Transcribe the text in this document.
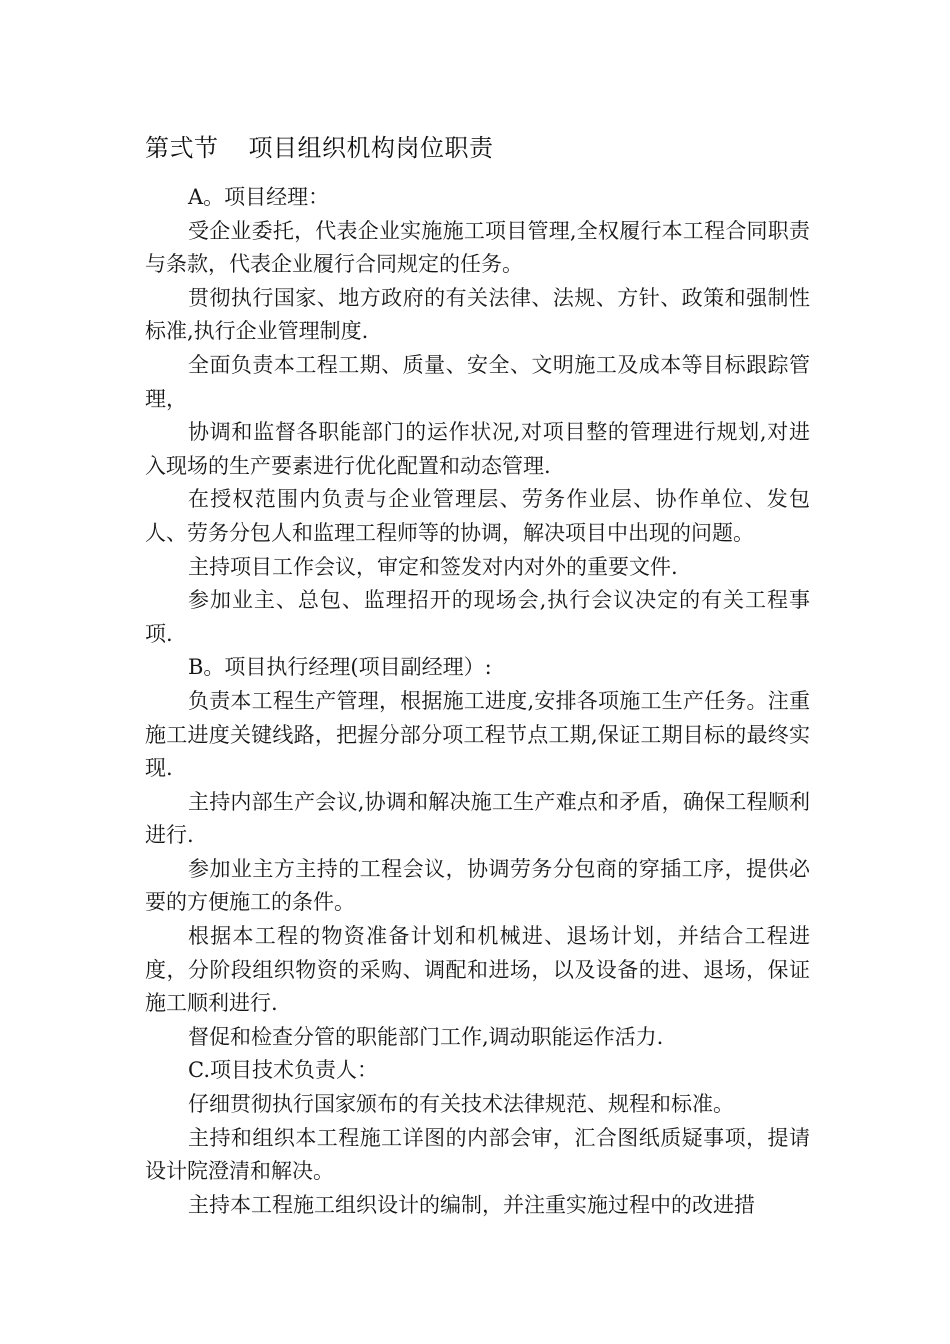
第弍节 项目组织机构岗位职责

A。项目经理：

受企业委托，代表企业实施施工项目管理,全权履行本工程合同职责与条款，代表企业履行合同规定的任务。

贯彻执行国家、地方政府的有关法律、法规、方针、政策和强制性标准,执行企业管理制度.

全面负责本工程工期、质量、安全、文明施工及成本等目标跟踪管理，

协调和监督各职能部门的运作状况,对项目整的管理进行规划,对进入现场的生产要素进行优化配置和动态管理.

在授权范围内负责与企业管理层、劳务作业层、协作单位、发包人、劳务分包人和监理工程师等的协调，解决项目中出现的问题。

主持项目工作会议，审定和签发对内对外的重要文件.

参加业主、总包、监理招开的现场会,执行会议决定的有关工程事项.

B。项目执行经理(项目副经理）:

负责本工程生产管理，根据施工进度,安排各项施工生产任务。注重施工进度关键线路，把握分部分项工程节点工期,保证工期目标的最终实现.

主持内部生产会议,协调和解决施工生产难点和矛盾，确保工程顺利进行.

参加业主方主持的工程会议，协调劳务分包商的穿插工序，提供必要的方便施工的条件。

根据本工程的物资准备计划和机械进、退场计划，并结合工程进度，分阶段组织物资的采购、调配和进场，以及设备的进、退场，保证施工顺利进行.

督促和检查分管的职能部门工作,调动职能运作活力.

C.项目技术负责人：

仔细贯彻执行国家颁布的有关技术法律规范、规程和标准。

主持和组织本工程施工详图的内部会审，汇合图纸质疑事项，提请设计院澄清和解决。

主持本工程施工组织设计的编制，并注重实施过程中的改进措
